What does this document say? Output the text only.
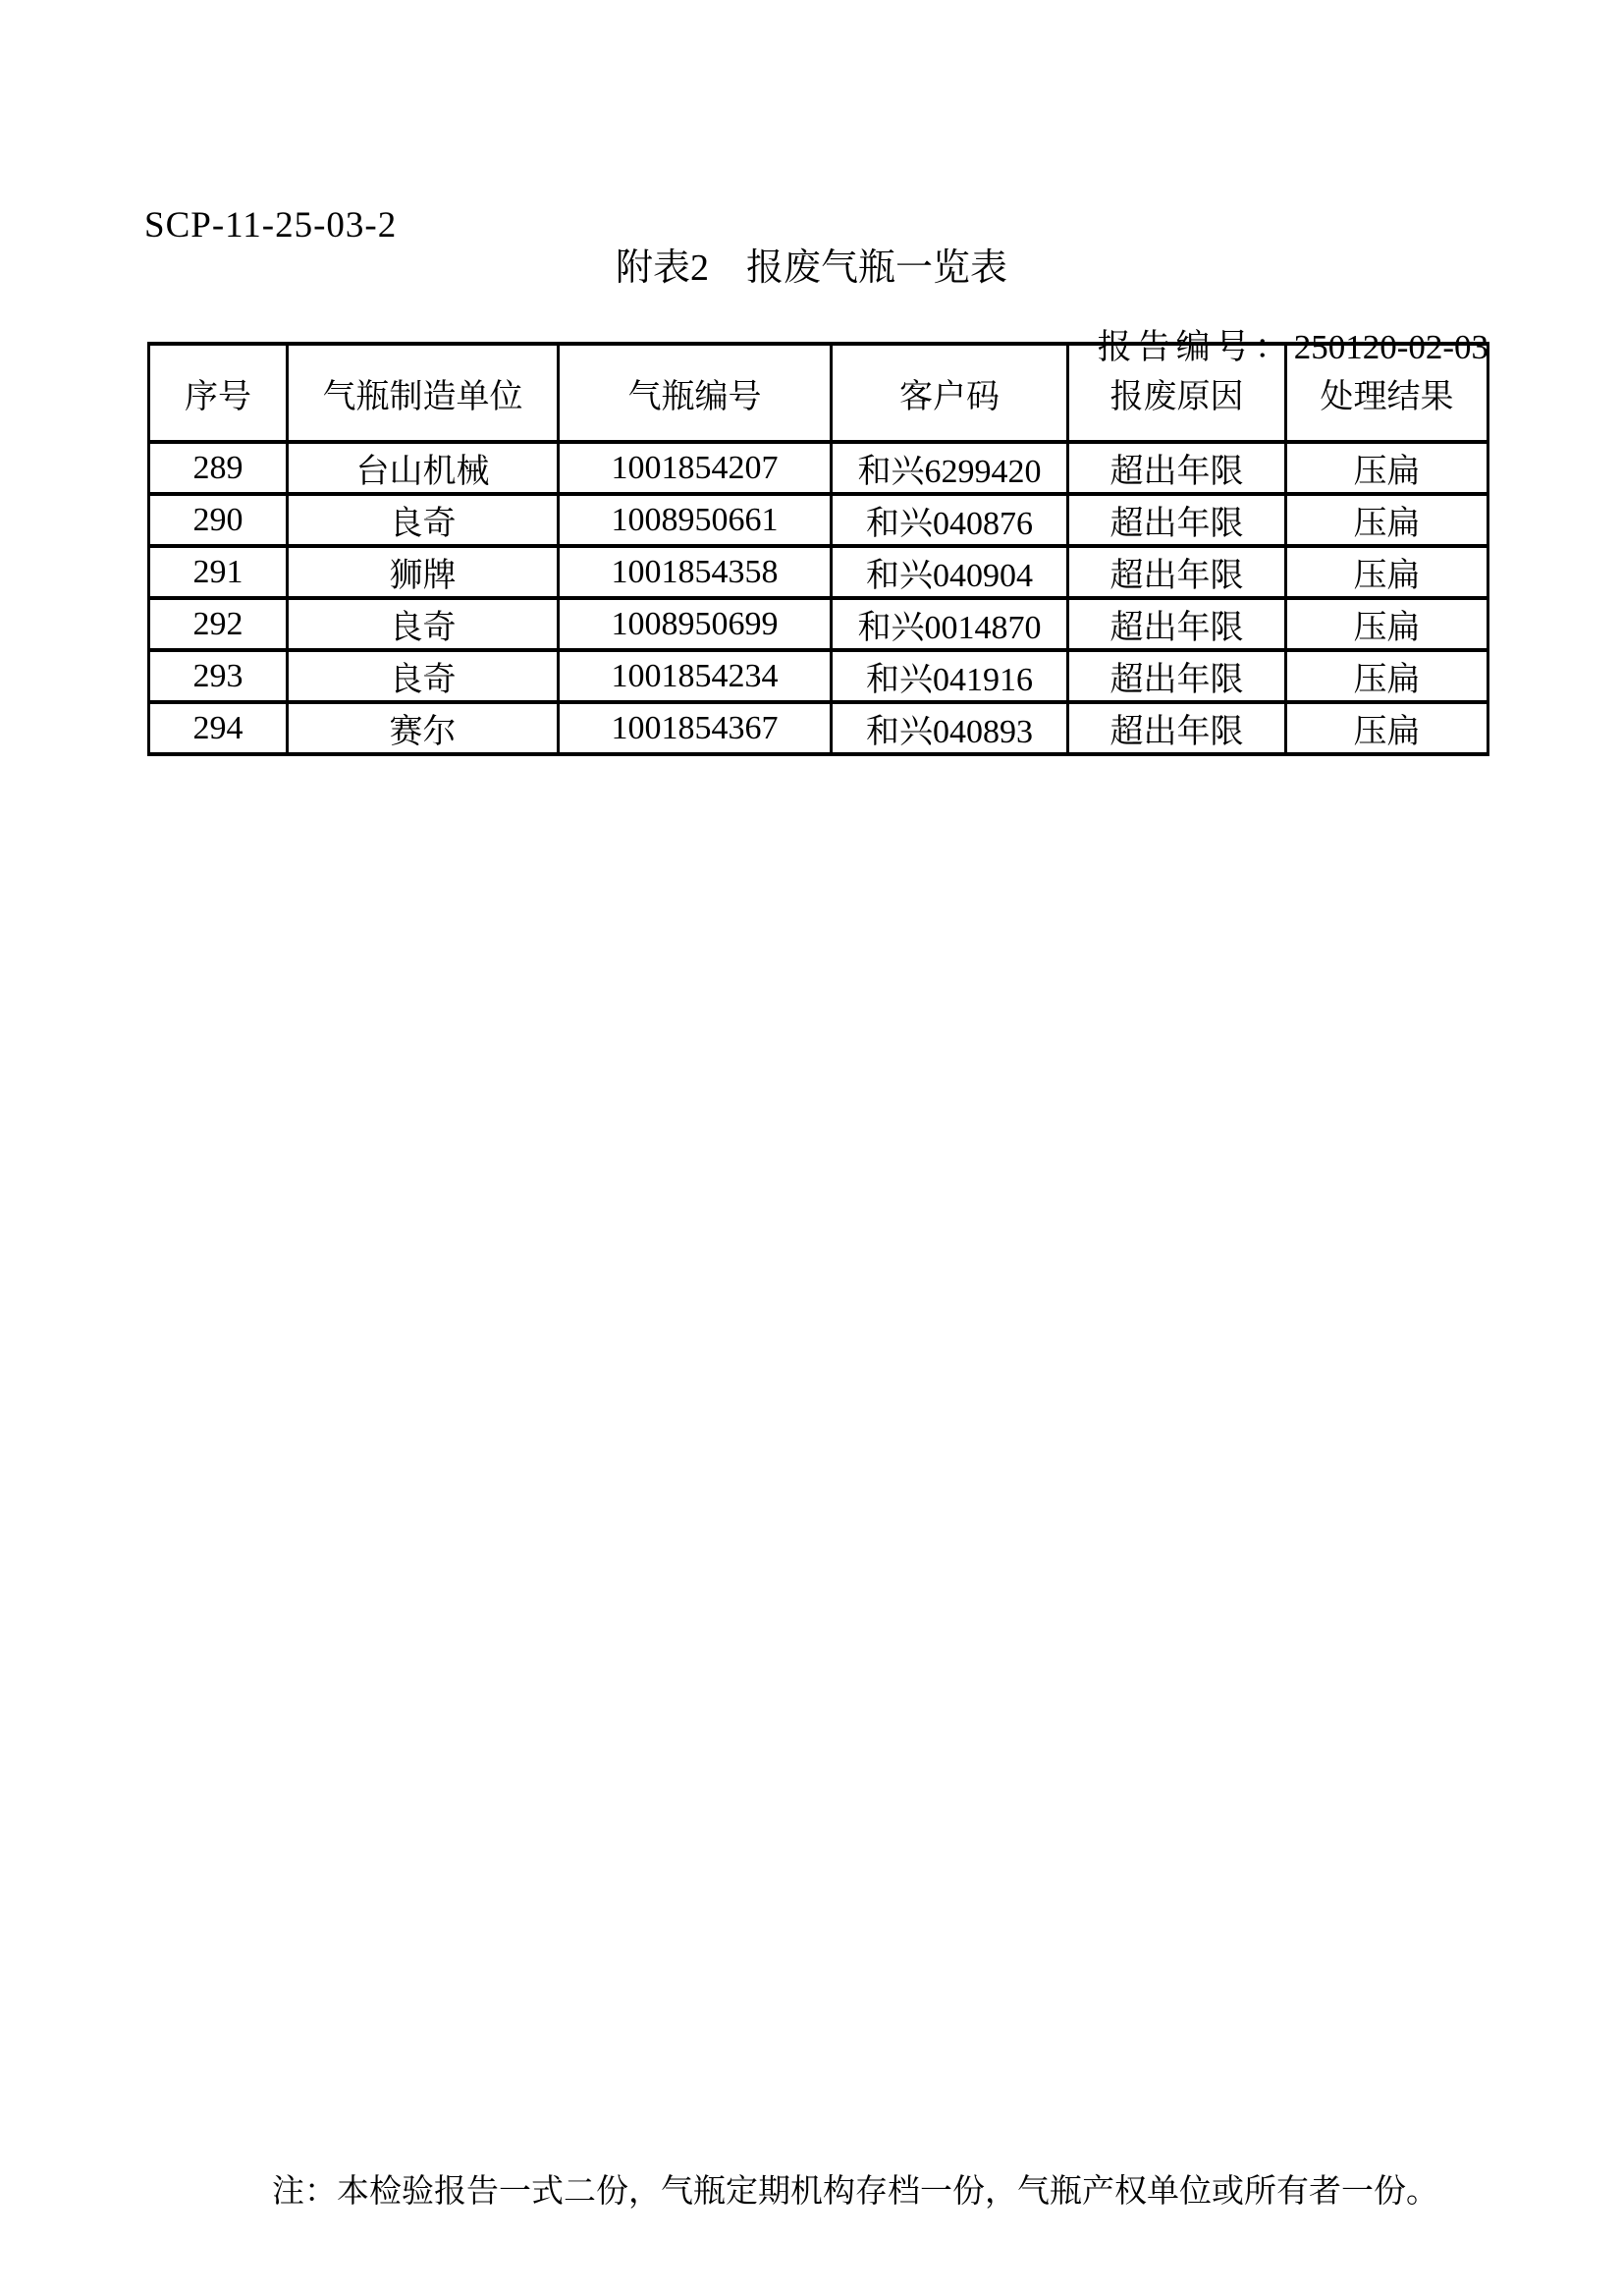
SCP-11-25-03-2
附表2　报废气瓶一览表

报告编号：250120-02-03

序号	气瓶制造单位	气瓶编号	客户码	报废原因	处理结果
289	台山机械	1001854207	和兴6299420	超出年限	压扁
290	良奇	1008950661	和兴040876	超出年限	压扁
291	狮牌	1001854358	和兴040904	超出年限	压扁
292	良奇	1008950699	和兴0014870	超出年限	压扁
293	良奇	1001854234	和兴041916	超出年限	压扁
294	赛尔	1001854367	和兴040893	超出年限	压扁
注：本检验报告一式二份，气瓶定期机构存档一份，气瓶产权单位或所有者一份。
